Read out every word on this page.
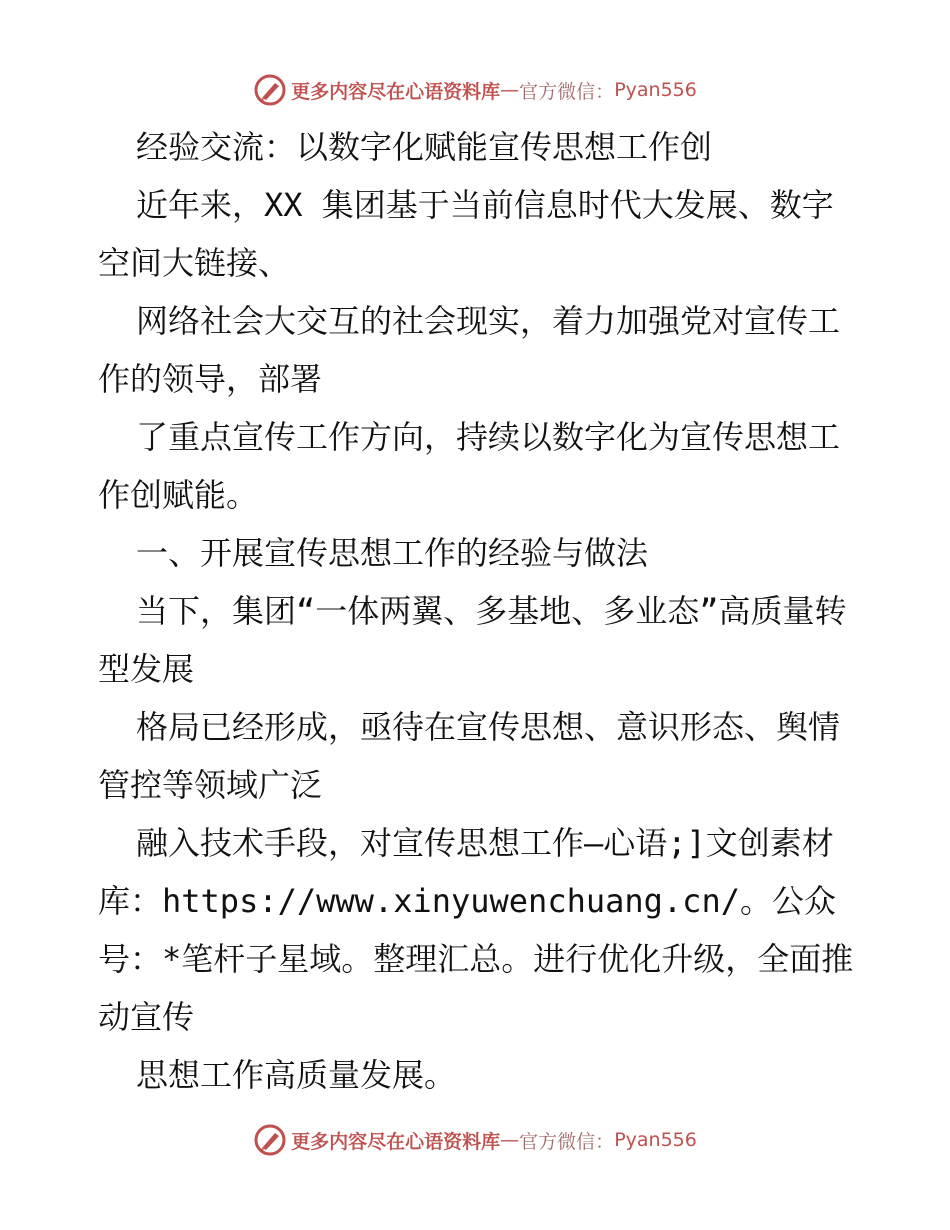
更多内容尽在心语资料库 — 官方微信 ： Pyan556

经验交流：以数字化赋能宣传思想工作创

近年来，XX 集团基于当前信息时代大发展、数字空间大链接、

网络社会大交互的社会现实，着力加强党对宣传工作的领导，部署

了重点宣传工作方向，持续以数字化为宣传思想工作创赋能。

一、开展宣传思想工作的经验与做法

当下，集团“一体两翼、多基地、多业态”高质量转型发展

格局已经形成，亟待在宣传思想、意识形态、舆情管控等领域广泛

融入技术手段，对宣传思想工作—心语;]文创素材库：https://www.xinyuwenchuang.cn/。公众号：*笔杆子星域。整理汇总。进行优化升级，全面推动宣传

思想工作高质量发展。

更多内容尽在心语资料库 — 官方微信 ： Pyan556
